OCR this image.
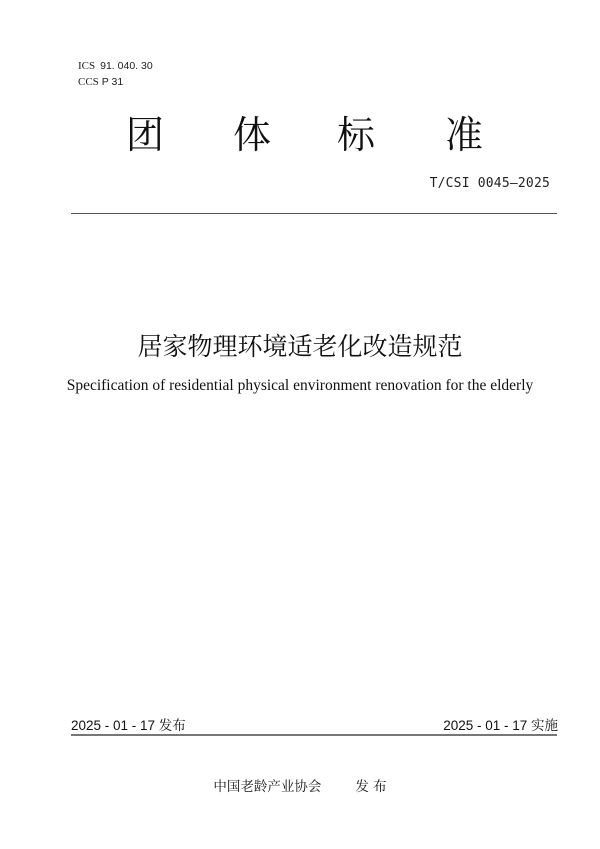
ICS 91. 040. 30
CCS P 31
团 体 标 准
T/CSI 0045—2025
居家物理环境适老化改造规范
Specification of residential physical environment renovation for the elderly
2025 - 01 - 17 发布	2025 - 01 - 17 实施
中国老龄产业协会	发 布
